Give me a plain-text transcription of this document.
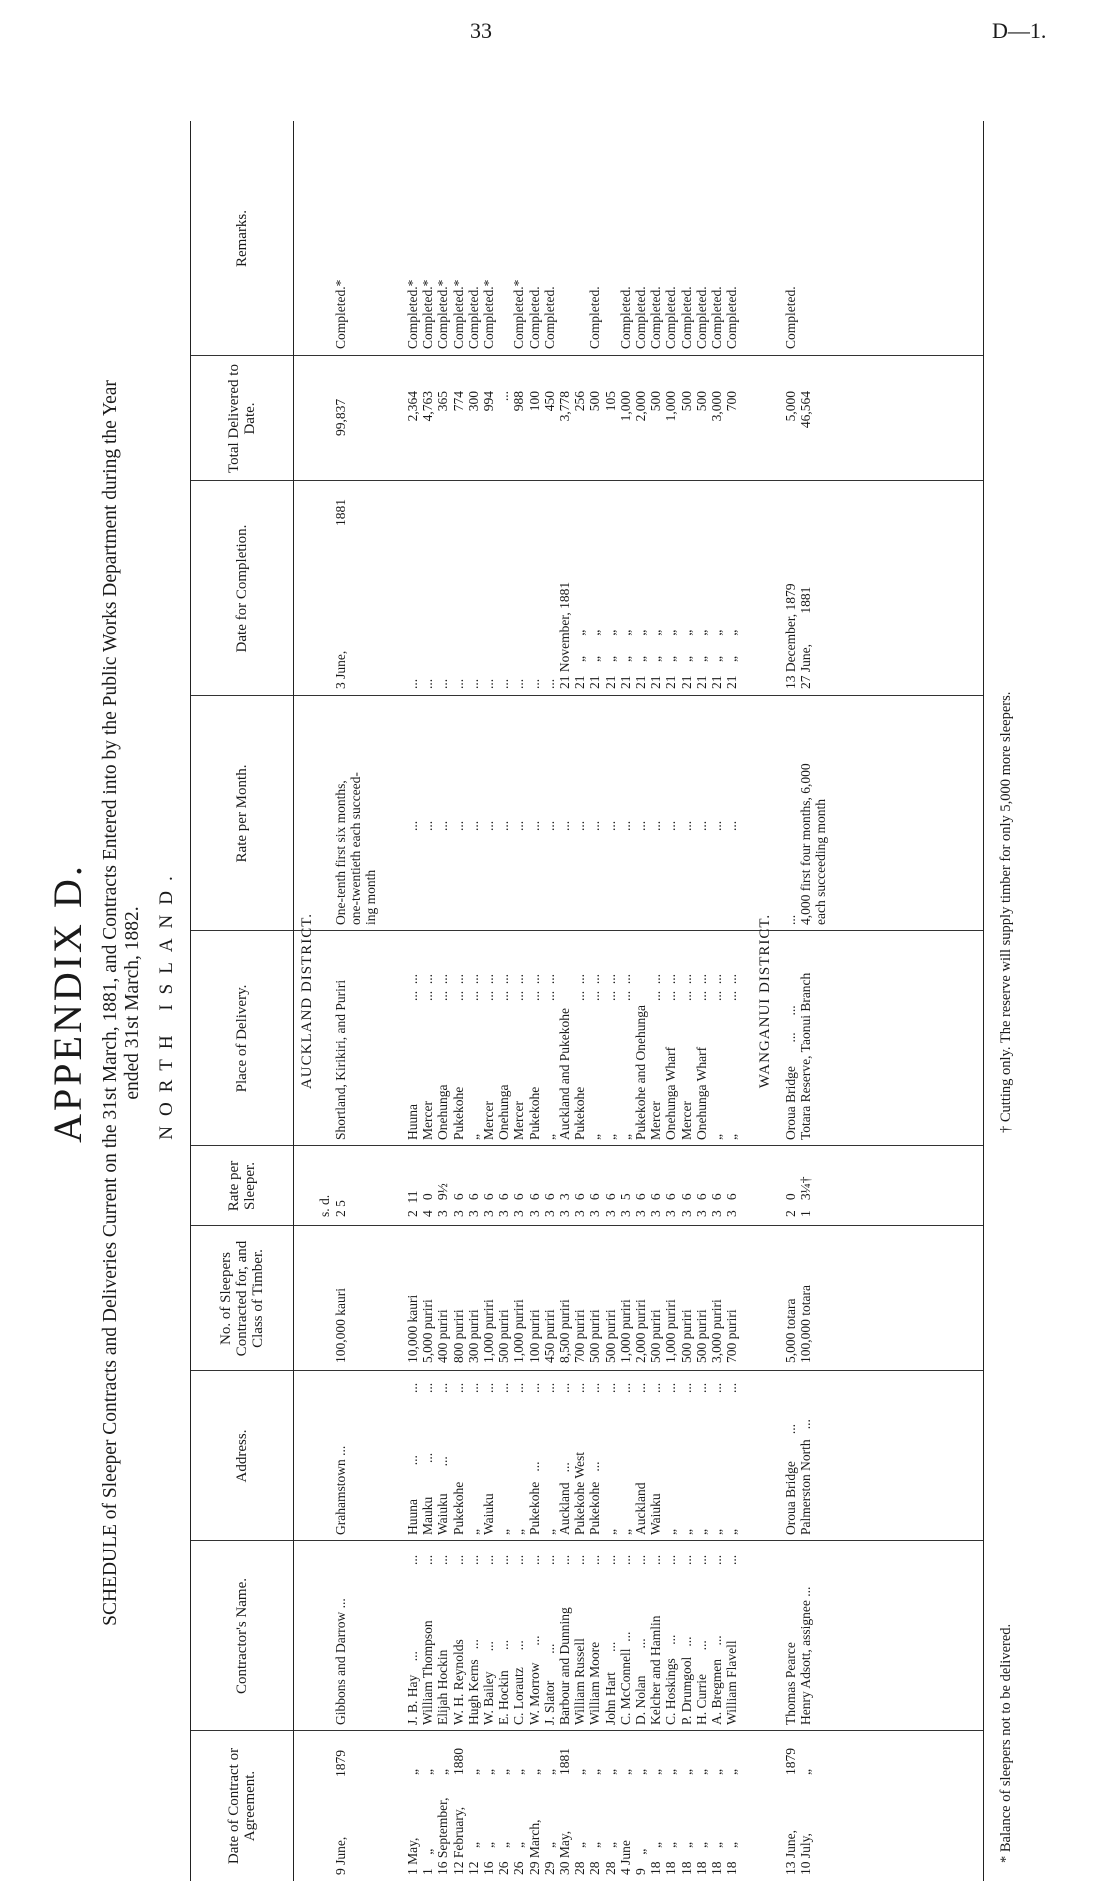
33	D—1.
APPENDIX D. SCHEDULE of Sleeper Contracts and Deliveries Current on the 31st March, 1881, and Contracts Entered into by the Public Works Department during the Year
ended 31st March, 1882. NORTH ISLAND.
Date of Contract or Agreement.
Contractor's Name.
Address.
No. of Sleepers Contracted for, and Class of Timber.
Rate per Sleeper.
Place of Delivery.
Rate per Month.
Date for Completion.
Total Delivered to Date.
Remarks.
AUCKLAND DISTRICT.
s. d.
9 June,
1879
Gibbons and Darrow ...
Grahamstown ...
100,000 kauri
2 5
Shortland, Kirikiri, and Puriri
One-tenth first six months,
one-twentieth each succeed-
ing month
3 June,
1881
99,837
Completed.*
1 May,
1    „
16 September,
12 February,
12    „
16    „
26    „
26    „
29 March,
29    „
30 May,
28    „
28    „
28    „
4 June
9    „
18    „
18    „
18    „
18    „
18    „
18    „
„
„
„
1880
„
„
„
„
„
„
1881
„
„
„
„
„
„
„
„
„
„
„
J. B. Hay    ...
William Thompson
Elijah Hockin
W. H. Reynolds
Hugh Kerns   ...
W. Bailey      ...
E. Hockin      ...
C. Lorautz     ...
W. Morrow     ...
J. Slator        ...
Barbour and Dunning
William Russell
William Moore
John Hart      ...
C. McConnell  ...
D. Nolan        ...
Kelcher and Hamlin
C. Hoskings    ...
P. Drumgool   ...
H. Currie       ...
A. Bregmen    ...
William Flavell
...
...
...
...
...
...
...
...
...
...
...
...
...
...
...
...
...
...
...
...
...
...
Huuna          ...
Mauku          ...
Waiuku        ...
Pukekohe
„
Waiuku
„
„
Pukekohe   ...
„
Auckland   ...
Pukekohe West
Pukekohe   ...
„
„
Auckland
Waiuku
„
„
„
„
„
...
...
...
...
...
...
...
...
...
...
...
...
...
...
...
...
...
...
...
...
...
...
10,000 kauri
5,000 puriri
400 puriri
800 puriri
300 puriri
1,000 puriri
500 puriri
1,000 puriri
100 puriri
450 puriri
8,500 puriri
700 puriri
500 puriri
500 puriri
1,000 puriri
2,000 puriri
500 puriri
1,000 puriri
500 puriri
500 puriri
3,000 puriri
700 puriri
2  11
4   0
3   9½
3   6
3   6
3   6
3   6
3   6
3   6
3   6
3   3
3   6
3   6
3   6
3   5
3   6
3   6
3   6
3   6
3   6
3   6
3   6
Huuna
Mercer
Onehunga
Pukekohe
„
Mercer
Onehunga
Mercer
Pukekohe
„
Auckland and Pukekohe
Pukekohe
„
„
„
Pukekohe and Onehunga
Mercer
Onehunga Wharf
Mercer
Onehunga Wharf
„
„
...  ...
...  ...
...  ...
...  ...
...  ...
...  ...
...  ...
...  ...
...  ...
...  ...

...  ...
...  ...
...  ...
...  ...

...  ...
...  ...
...  ...
...  ...
...  ...
...  ...
...
...
...
...
...
...
...
...
...
...
...
...
...
...
...
...
...
...
...
...
...
...
...
...
...
...
...
...
...
...
...
...
21 November, 1881
21    „      „
21    „      „
21    „      „
21    „      „
21    „      „
21    „      „
21    „      „
21    „      „
21    „      „
21    „      „
21    „      „
2,364
4,763
365
774
300
994
...
988
100
450
3,778
256
500
105
1,000
2,000
500
1,000
500
500
3,000
700
Completed.*
Completed.*
Completed.*
Completed.*
Completed.
Completed.*

Completed.*
Completed.
Completed.

Completed.

Completed.
Completed.
Completed.
Completed.
Completed.
Completed.
Completed.
Completed.
WANGANUI DISTRICT.
13 June,
10 July,
1879
„
Thomas Pearce
Henry Adsott, assignee ...
Oroua Bridge        ...
Palmerston North   ...
5,000 totara
100,000 totara
2   0
1   3¼†
Oroua Bridge       ...     ...
Totara Reserve, Taonui Branch
...
4,000 first four months, 6,000
each succeeding month
13 December, 1879
27 June,         1881
5,000
46,564
Completed.
* Balance of sleepers not to be delivered.
† Cutting only. The reserve will supply timber for only 5,000 more sleepers.
